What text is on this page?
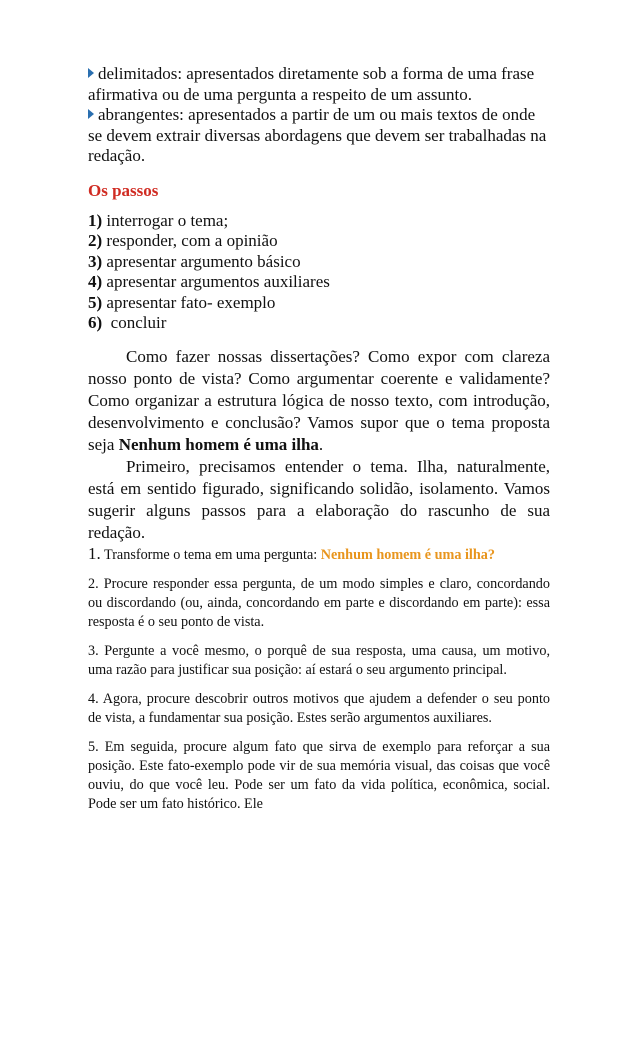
delimitados: apresentados diretamente sob a forma de uma frase afirmativa ou de uma pergunta a respeito de um assunto.
abrangentes: apresentados a partir de um ou mais textos de onde se devem extrair diversas abordagens que devem ser trabalhadas na redação.
Os passos
1) interrogar o tema;
2) responder, com a opinião
3) apresentar argumento básico
4) apresentar argumentos auxiliares
5) apresentar fato- exemplo
6)  concluir

Como fazer nossas dissertações? Como expor com clareza nosso ponto de vista? Como argumentar coerente e validamente? Como organizar a estrutura lógica de nosso texto, com introdução, desenvolvimento e conclusão? Vamos supor que o tema proposta seja Nenhum homem é uma ilha.

Primeiro, precisamos entender o tema. Ilha, naturalmente, está em sentido figurado, significando solidão, isolamento. Vamos sugerir alguns passos para a elaboração do rascunho de sua redação.

1. Transforme o tema em uma pergunta: Nenhum homem é uma ilha?

2. Procure responder essa pergunta, de um modo simples e claro, concordando ou discordando (ou, ainda, concordando em parte e discordando em parte): essa resposta é o seu ponto de vista.

3. Pergunte a você mesmo, o porquê de sua resposta, uma causa, um motivo, uma razão para justificar sua posição: aí estará o seu argumento principal.

4. Agora, procure descobrir outros motivos que ajudem a defender o seu ponto de vista, a fundamentar sua posição. Estes serão argumentos auxiliares.

5. Em seguida, procure algum fato que sirva de exemplo para reforçar a sua posição. Este fato-exemplo pode vir de sua memória visual, das coisas que você ouviu, do que você leu. Pode ser um fato da vida política, econômica, social. Pode ser um fato histórico. Ele
